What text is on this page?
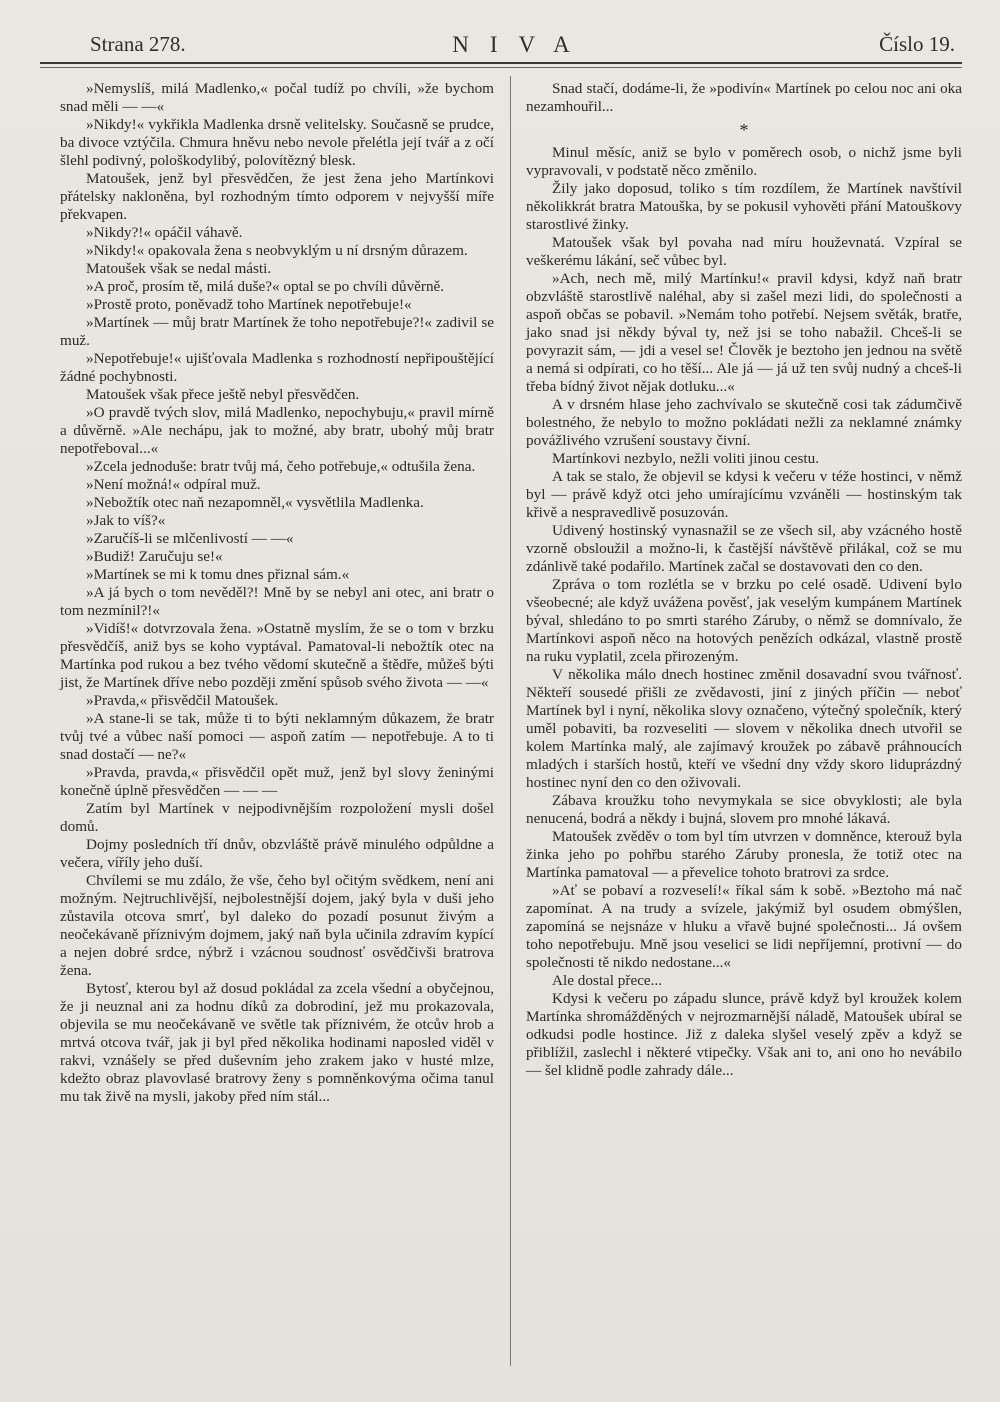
Strana 278.	NIVA	Číslo 19.

»Nemyslíš, milá Madlenko,« počal tudíž po chvíli, »že bychom snad měli — —«

»Nikdy!« vykřikla Madlenka drsně velitelsky. Současně se prudce, ba divoce vztýčila. Chmura hněvu nebo nevole přelétla její tvář a z očí šlehl podivný, pološkodylibý, polovítězný blesk.

Matoušek, jenž byl přesvědčen, že jest žena jeho Martínkovi přátelsky nakloněna, byl rozhodným tímto odporem v nejvyšší míře překvapen.

»Nikdy?!« opáčil váhavě.

»Nikdy!« opakovala žena s neobvyklým u ní drsným důrazem.

Matoušek však se nedal másti.

»A proč, prosím tě, milá duše?« optal se po chvíli důvěrně.

»Prostě proto, poněvadž toho Martínek nepotřebuje!«

»Martínek — můj bratr Martínek že toho nepotřebuje?!« zadivil se muž.

»Nepotřebuje!« ujišťovala Madlenka s rozhodností nepřipouštějící žádné pochybnosti.

Matoušek však přece ještě nebyl přesvědčen.

»O pravdě tvých slov, milá Madlenko, nepochybuju,« pravil mírně a důvěrně. »Ale nechápu, jak to možné, aby bratr, ubohý můj bratr nepotřeboval...«

»Zcela jednoduše: bratr tvůj má, čeho potřebuje,« odtušila žena.

»Není možná!« odpíral muž.

»Nebožtík otec naň nezapomněl,« vysvětlila Madlenka.

»Jak to víš?«

»Zaručíš-li se mlčenlivostí — —«

»Budiž! Zaručuju se!«

»Martínek se mi k tomu dnes přiznal sám.«

»A já bych o tom nevěděl?! Mně by se nebyl ani otec, ani bratr o tom nezmínil?!«

»Vidíš!« dotvrzovala žena. »Ostatně myslím, že se o tom v brzku přesvědčíš, aniž bys se koho vyptával. Pamatoval-li nebožtík otec na Martínka pod rukou a bez tvého vědomí skutečně a štědře, můžeš býti jist, že Martínek dříve nebo později změní spůsob svého života — —«

»Pravda,« přisvědčil Matoušek.

»A stane-li se tak, může ti to býti neklamným důkazem, že bratr tvůj tvé a vůbec naší pomoci — aspoň zatím — nepotřebuje. A to ti snad dostačí — ne?«

»Pravda, pravda,« přisvědčil opět muž, jenž byl slovy ženinými konečně úplně přesvědčen — — —

Zatím byl Martínek v nejpodivnějším rozpoložení mysli došel domů.

Dojmy posledních tří dnův, obzvláště právě minulého odpůldne a večera, víříly jeho duší.

Chvílemi se mu zdálo, že vše, čeho byl očitým svědkem, není ani možným. Nejtruchlivější, nejbolestnější dojem, jaký byla v duši jeho zůstavila otcova smrť, byl daleko do pozadí posunut živým a neočekávaně příznivým dojmem, jaký naň byla učinila zdravím kypící a nejen dobré srdce, nýbrž i vzácnou soudnosť osvědčivši bratrova žena.

Bytosť, kterou byl až dosud pokládal za zcela všední a obyčejnou, že ji neuznal ani za hodnu díků za dobrodiní, jež mu prokazovala, objevila se mu neočekávaně ve světle tak příznivém, že otcův hrob a mrtvá otcova tvář, jak ji byl před několika hodinami naposled viděl v rakvi, vznášely se před duševním jeho zrakem jako v husté mlze, kdežto obraz plavovlasé bratrovy ženy s pomněnkovýma očima tanul mu tak živě na mysli, jakoby před ním stál...

Snad stačí, dodáme-li, že »podivín« Martínek po celou noc ani oka nezamhouřil...

*

Minul měsíc, aniž se bylo v poměrech osob, o nichž jsme byli vypravovali, v podstatě něco změnilo.

Žily jako doposud, toliko s tím rozdílem, že Martínek navštívil několikkrát bratra Matouška, by se pokusil vyhověti přání Matouškovy starostlivé žinky.

Matoušek však byl povaha nad míru houževnatá. Vzpíral se veškerému lákání, seč vůbec byl.

»Ach, nech mě, milý Martínku!« pravil kdysi, když naň bratr obzvláště starostlivě naléhal, aby si zašel mezi lidi, do společnosti a aspoň občas se pobavil. »Nemám toho potřebí. Nejsem světák, bratře, jako snad jsi někdy býval ty, než jsi se toho nabažil. Chceš-li se povyrazit sám, — jdi a vesel se! Člověk je beztoho jen jednou na světě a nemá si odpírati, co ho těší... Ale já — já už ten svůj nudný a chceš-li třeba bídný život nějak dotluku...«

A v drsném hlase jeho zachvívalo se skutečně cosi tak zádumčivě bolestného, že nebylo to možno pokládati nežli za neklamné známky povážlivého vzrušení soustavy čivní.

Martínkovi nezbylo, nežli voliti jinou cestu.

A tak se stalo, že objevil se kdysi k večeru v téže hostinci, v němž byl — právě když otci jeho umírajícímu vzváněli — hostinským tak křivě a nespravedlivě posuzován.

Udivený hostinský vynasnažil se ze všech sil, aby vzácného hostě vzorně obsloužil a možno-li, k častější návštěvě přilákal, což se mu zdánlivě také podařilo. Martínek začal se dostavovati den co den.

Zpráva o tom rozlétla se v brzku po celé osadě. Udivení bylo všeobecné; ale když uvážena pověsť, jak veselým kumpánem Martínek býval, shledáno to po smrti starého Záruby, o němž se domnívalo, že Martínkovi aspoň něco na hotových penězích odkázal, vlastně prostě na ruku vyplatil, zcela přirozeným.

V několika málo dnech hostinec změnil dosavadní svou tvářnosť. Někteří sousedé přišli ze zvědavosti, jiní z jiných příčin — neboť Martínek byl i nyní, několika slovy označeno, výtečný společník, který uměl pobaviti, ba rozveseliti — slovem v několika dnech utvořil se kolem Martínka malý, ale zajímavý kroužek po zábavě práhnoucích mladých i starších hostů, kteří ve všední dny vždy skoro liduprázdný hostinec nyní den co den oživovali.

Zábava kroužku toho nevymykala se sice obvyklosti; ale byla nenucená, bodrá a někdy i bujná, slovem pro mnohé lákavá.

Matoušek zvěděv o tom byl tím utvrzen v domněnce, kterouž byla žinka jeho po pohřbu starého Záruby pronesla, že totiž otec na Martínka pamatoval — a převelice tohoto bratrovi za srdce.

»Ať se pobaví a rozveselí!« říkal sám k sobě. »Beztoho má nač zapomínat. A na trudy a svízele, jakýmiž byl osudem obmýšlen, zapomíná se nejsnáze v hluku a vřavě bujné společnosti... Já ovšem toho nepotřebuju. Mně jsou veselici se lidi nepříjemní, protivní — do společnosti tě nikdo nedostane...«

Ale dostal přece...

Kdysi k večeru po západu slunce, právě když byl kroužek kolem Martínka shromážděných v nejrozmarnější náladě, Matoušek ubíral se odkudsi podle hostince. Již z daleka slyšel veselý zpěv a když se přiblížil, zaslechl i některé vtipečky. Však ani to, ani ono ho nevábilo — šel klidně podle zahrady dále...
